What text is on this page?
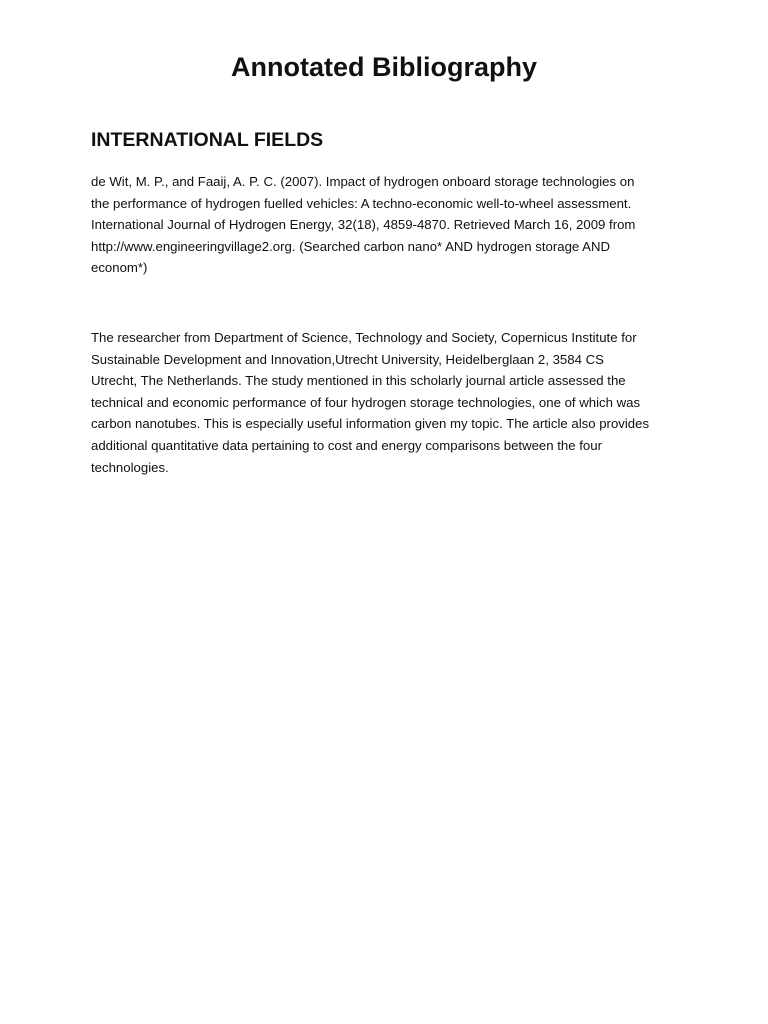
Annotated Bibliography
INTERNATIONAL FIELDS

de Wit, M. P., and Faaij, A. P. C. (2007). Impact of hydrogen onboard storage technologies on
the performance of hydrogen fuelled vehicles: A techno-economic well-to-wheel assessment.
International Journal of Hydrogen Energy, 32(18), 4859-4870. Retrieved March 16, 2009 from
http://www.engineeringvillage2.org. (Searched carbon nano* AND hydrogen storage AND
econom*)

The researcher from Department of Science, Technology and Society, Copernicus Institute for
Sustainable Development and Innovation,Utrecht University, Heidelberglaan 2, 3584 CS
Utrecht, The Netherlands. The study mentioned in this scholarly journal article assessed the
technical and economic performance of four hydrogen storage technologies, one of which was
carbon nanotubes. This is especially useful information given my topic. The article also provides
additional quantitative data pertaining to cost and energy comparisons between the four
technologies.
